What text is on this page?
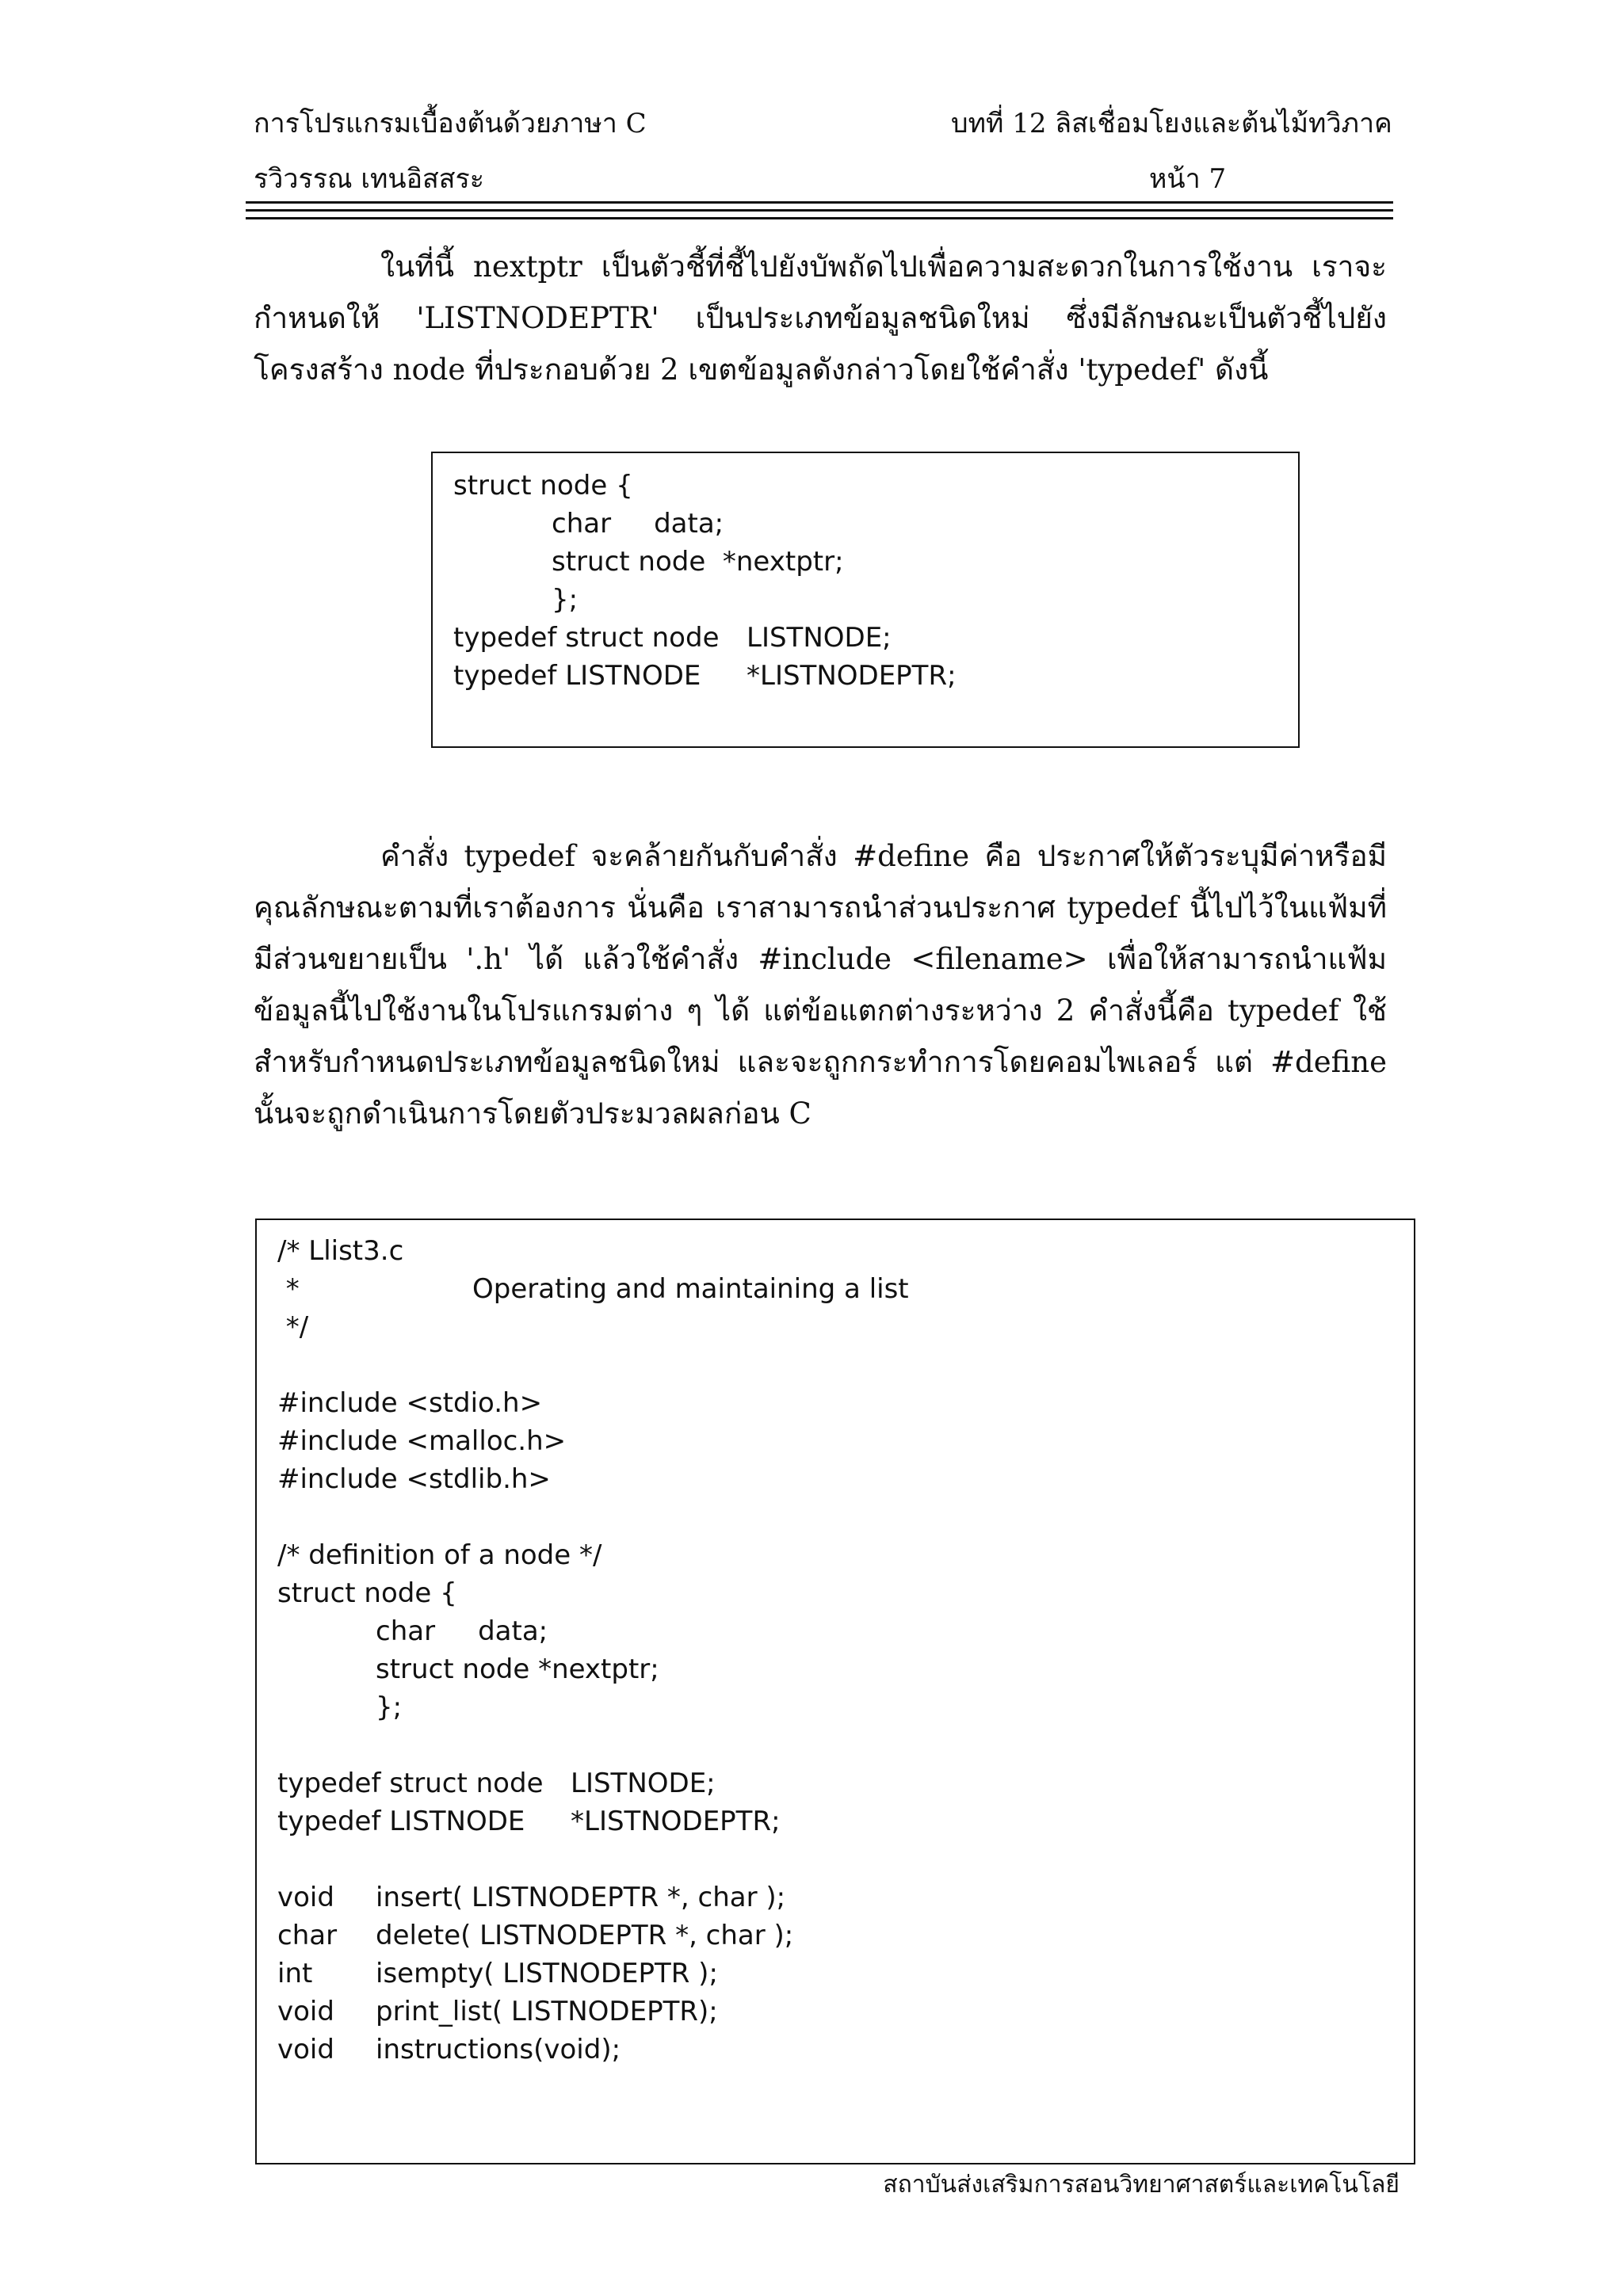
การโปรแกรมเบื้องต้นด้วยภาษา C	บทที่ 12 ลิสเชื่อมโยงและต้นไม้ทวิภาค
รวิวรรณ เทนอิสสระ	หน้า 7

ในที่นี้ nextptr เป็นตัวชี้ที่ชี้ไปยังบัพถัดไปเพื่อความสะดวกในการใช้งาน เราจะกำหนดให้ 'LISTNODEPTR' เป็นประเภทข้อมูลชนิดใหม่ ซึ่งมีลักษณะเป็นตัวชี้ไปยังโครงสร้าง node ที่ประกอบด้วย 2 เขตข้อมูลดังกล่าวโดยใช้คำสั่ง 'typedef' ดังนี้

struct node {
char     data;
struct node  *nextptr;
};
typedef struct node LISTNODE;
typedef LISTNODE *LISTNODEPTR;

คำสั่ง typedef จะคล้ายกันกับคำสั่ง #define คือ ประกาศให้ตัวระบุมีค่าหรือมีคุณลักษณะตามที่เราต้องการ นั่นคือ เราสามารถนำส่วนประกาศ typedef นี้ไปไว้ในแฟ้มที่มีส่วนขยายเป็น '.h' ได้ แล้วใช้คำสั่ง #include <filename> เพื่อให้สามารถนำแฟ้มข้อมูลนี้ไปใช้งานในโปรแกรมต่าง ๆ ได้ แต่ข้อแตกต่างระหว่าง 2 คำสั่งนี้คือ typedef ใช้สำหรับกำหนดประเภทข้อมูลชนิดใหม่ และจะถูกกระทำการโดยคอมไพเลอร์ แต่ #define นั้นจะถูกดำเนินการโดยตัวประมวลผลก่อน C

/* Llist3.c
*	Operating and maintaining a list
*/
#include <stdio.h>
#include <malloc.h>
#include <stdlib.h>
/* definition of a node */
struct node {
char     data;
struct node *nextptr;
};
typedef struct node LISTNODE;
typedef LISTNODE *LISTNODEPTR;
void insert( LISTNODEPTR *, char );
char delete( LISTNODEPTR *, char );
int isempty( LISTNODEPTR );
void print_list( LISTNODEPTR);
void instructions(void);
สถาบันส่งเสริมการสอนวิทยาศาสตร์และเทคโนโลยี
